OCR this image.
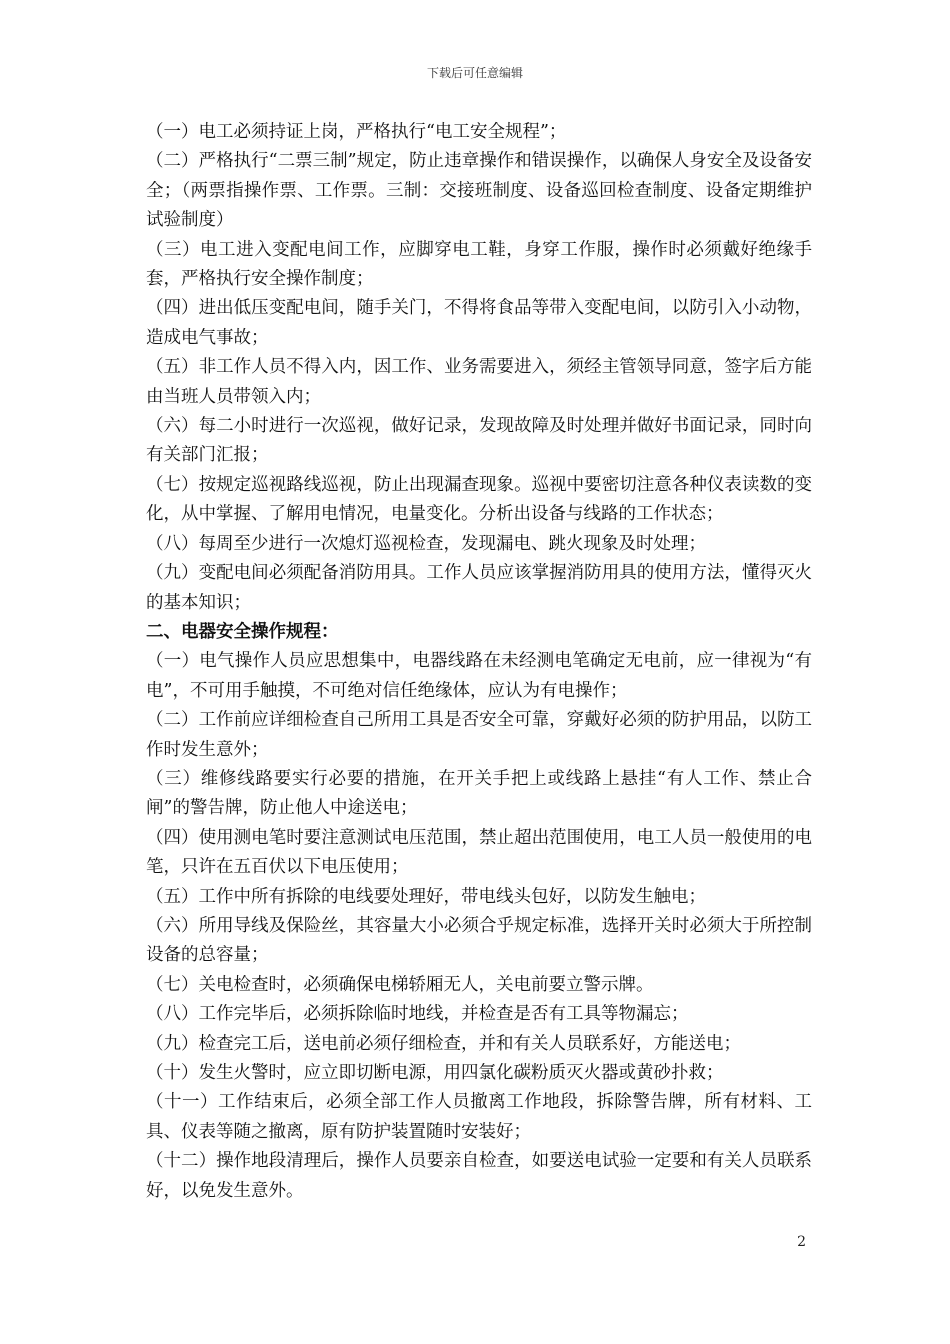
下载后可任意编辑

（一）电工必须持证上岗，严格执行“电工安全规程”；

（二）严格执行“二票三制”规定，防止违章操作和错误操作，以确保人身安全及设备安全；（两票指操作票、工作票。三制：交接班制度、设备巡回检查制度、设备定期维护试验制度）

（三）电工进入变配电间工作，应脚穿电工鞋，身穿工作服，操作时必须戴好绝缘手套，严格执行安全操作制度；

（四）进出低压变配电间，随手关门，不得将食品等带入变配电间，以防引入小动物，造成电气事故；

（五）非工作人员不得入内，因工作、业务需要进入，须经主管领导同意，签字后方能由当班人员带领入内；

（六）每二小时进行一次巡视，做好记录，发现故障及时处理并做好书面记录，同时向有关部门汇报；

（七）按规定巡视路线巡视，防止出现漏查现象。巡视中要密切注意各种仪表读数的变化，从中掌握、了解用电情况，电量变化。分析出设备与线路的工作状态；

（八）每周至少进行一次熄灯巡视检查，发现漏电、跳火现象及时处理；

（九）变配电间必须配备消防用具。工作人员应该掌握消防用具的使用方法，懂得灭火的基本知识；

二、电器安全操作规程：

（一）电气操作人员应思想集中，电器线路在未经测电笔确定无电前，应一律视为“有电”，不可用手触摸，不可绝对信任绝缘体，应认为有电操作；

（二）工作前应详细检查自己所用工具是否安全可靠，穿戴好必须的防护用品，以防工作时发生意外；

（三）维修线路要实行必要的措施，在开关手把上或线路上悬挂“有人工作、禁止合闸”的警告牌，防止他人中途送电；

（四）使用测电笔时要注意测试电压范围，禁止超出范围使用，电工人员一般使用的电笔，只许在五百伏以下电压使用；

（五）工作中所有拆除的电线要处理好，带电线头包好，以防发生触电；

（六）所用导线及保险丝，其容量大小必须合乎规定标准，选择开关时必须大于所控制设备的总容量；

（七）关电检查时，必须确保电梯轿厢无人，关电前要立警示牌。

（八）工作完毕后，必须拆除临时地线，并检查是否有工具等物漏忘；

（九）检查完工后，送电前必须仔细检查，并和有关人员联系好，方能送电；

（十）发生火警时，应立即切断电源，用四氯化碳粉质灭火器或黄砂扑救；

（十一）工作结束后，必须全部工作人员撤离工作地段，拆除警告牌，所有材料、工具、仪表等随之撤离，原有防护装置随时安装好；

（十二）操作地段清理后，操作人员要亲自检查，如要送电试验一定要和有关人员联系好，以免发生意外。

2
